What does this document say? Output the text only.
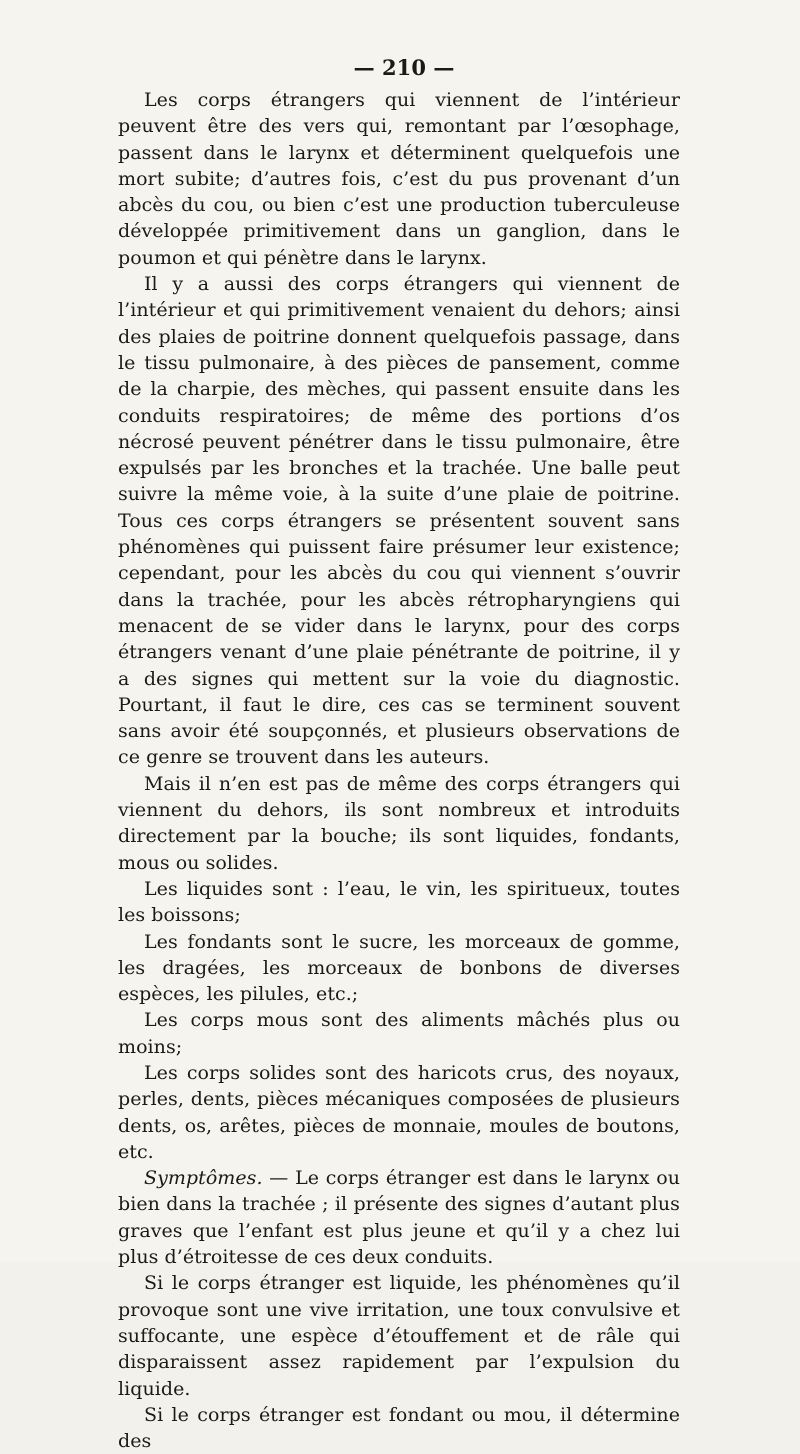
— 210 —

Les corps étrangers qui viennent de l’intérieur peuvent être des vers qui, remontant par l’œsophage, passent dans le larynx et déterminent quelquefois une mort subite; d’autres fois, c’est du pus provenant d’un abcès du cou, ou bien c’est une production tuberculeuse développée primitivement dans un ganglion, dans le poumon et qui pénètre dans le larynx.

Il y a aussi des corps étrangers qui viennent de l’intérieur et qui primitivement venaient du dehors; ainsi des plaies de poitrine donnent quelquefois passage, dans le tissu pulmonaire, à des pièces de pansement, comme de la charpie, des mèches, qui passent ensuite dans les conduits respiratoires; de même des portions d’os nécrosé peuvent pénétrer dans le tissu pulmonaire, être expulsés par les bronches et la trachée. Une balle peut suivre la même voie, à la suite d’une plaie de poitrine. Tous ces corps étrangers se présentent souvent sans phénomènes qui puissent faire présumer leur existence; cependant, pour les abcès du cou qui viennent s’ouvrir dans la trachée, pour les abcès rétropharyngiens qui menacent de se vider dans le larynx, pour des corps étrangers venant d’une plaie pénétrante de poitrine, il y a des signes qui mettent sur la voie du diagnostic. Pourtant, il faut le dire, ces cas se terminent souvent sans avoir été soupçonnés, et plusieurs observations de ce genre se trouvent dans les auteurs.

Mais il n’en est pas de même des corps étrangers qui viennent du dehors, ils sont nombreux et introduits directement par la bouche; ils sont liquides, fondants, mous ou solides.

Les liquides sont : l’eau, le vin, les spiritueux, toutes les boissons;

Les fondants sont le sucre, les morceaux de gomme, les dragées, les morceaux de bonbons de diverses espèces, les pilules, etc.;

Les corps mous sont des aliments mâchés plus ou moins;

Les corps solides sont des haricots crus, des noyaux, perles, dents, pièces mécaniques composées de plusieurs dents, os, arêtes, pièces de monnaie, moules de boutons, etc.

Symptômes. — Le corps étranger est dans le larynx ou bien dans la trachée ; il présente des signes d’autant plus graves que l’enfant est plus jeune et qu’il y a chez lui plus d’étroitesse de ces deux conduits.

Si le corps étranger est liquide, les phénomènes qu’il provoque sont une vive irritation, une toux convulsive et suffocante, une espèce d’étouffement et de râle qui disparaissent assez rapidement par l’expulsion du liquide.

Si le corps étranger est fondant ou mou, il détermine des
